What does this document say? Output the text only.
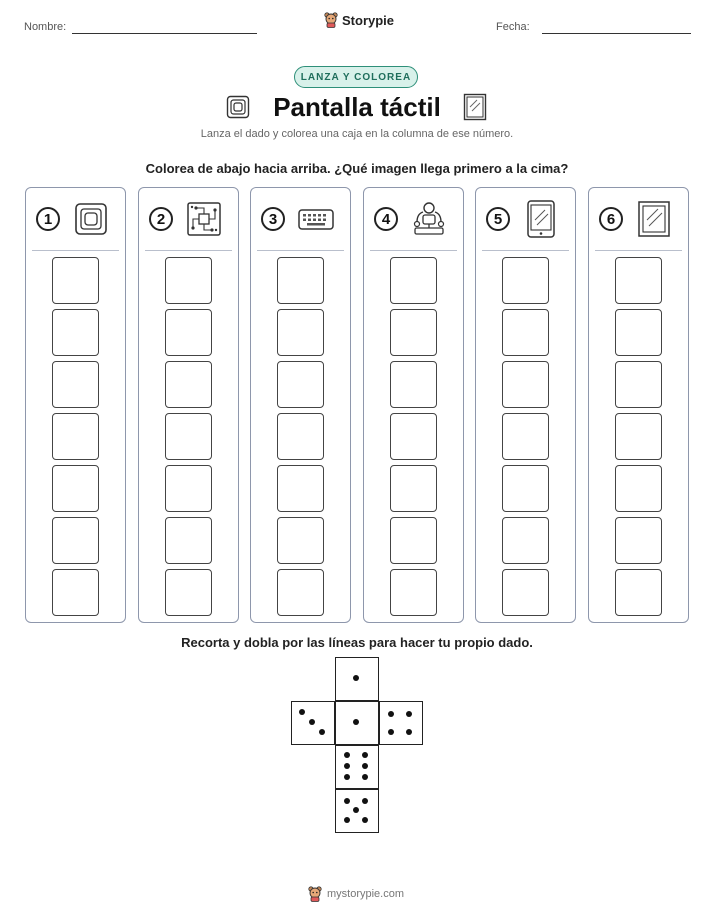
Nombre:	Storypie	Fecha:
LANZA Y COLOREA
Pantalla táctil
Lanza el dado y colorea una caja en la columna de ese número.
Colorea de abajo hacia arriba. ¿Qué imagen llega primero a la cima?
1	2	3	4	5	6
Recorta y dobla por las líneas para hacer tu propio dado.
mystorypie.com
